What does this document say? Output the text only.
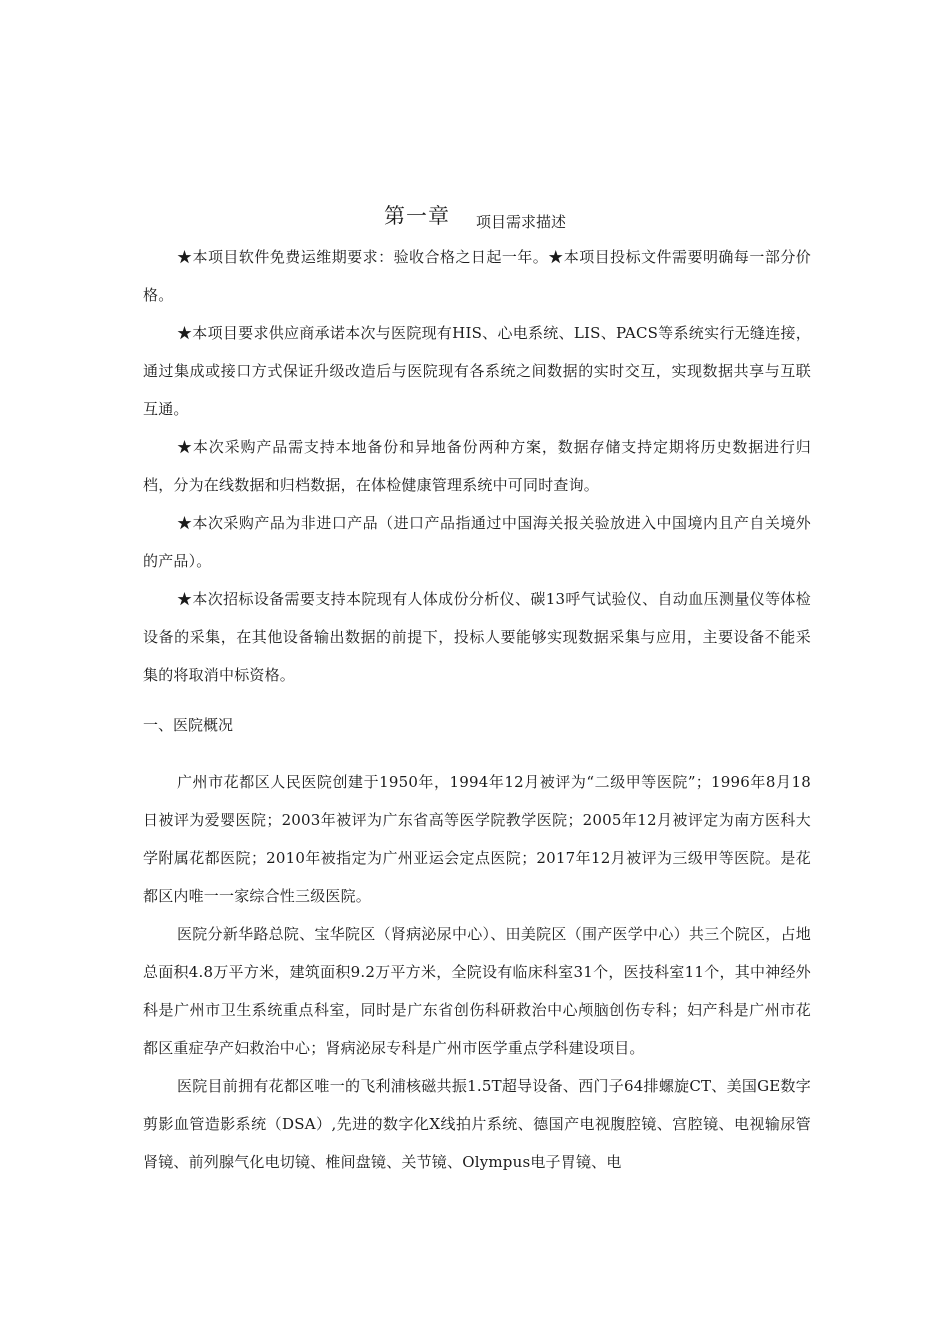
第一章 项目需求描述

★本项目软件免费运维期要求：验收合格之日起一年。★本项目投标文件需要明确每一部分价格。

★本项目要求供应商承诺本次与医院现有HIS、心电系统、LIS、PACS等系统实行无缝连接，通过集成或接口方式保证升级改造后与医院现有各系统之间数据的实时交互，实现数据共享与互联互通。

★本次采购产品需支持本地备份和异地备份两种方案，数据存储支持定期将历史数据进行归档，分为在线数据和归档数据，在体检健康管理系统中可同时查询。

★本次采购产品为非进口产品（进口产品指通过中国海关报关验放进入中国境内且产自关境外的产品）。

★本次招标设备需要支持本院现有人体成份分析仪、碳13呼气试验仪、自动血压测量仪等体检设备的采集，在其他设备输出数据的前提下，投标人要能够实现数据采集与应用，主要设备不能采集的将取消中标资格。

一、医院概况

广州市花都区人民医院创建于1950年，1994年12月被评为“二级甲等医院”；1996年8月18日被评为爱婴医院；2003年被评为广东省高等医学院教学医院；2005年12月被评定为南方医科大学附属花都医院；2010年被指定为广州亚运会定点医院；2017年12月被评为三级甲等医院。是花都区内唯一一家综合性三级医院。

医院分新华路总院、宝华院区（肾病泌尿中心）、田美院区（围产医学中心）共三个院区，占地总面积4.8万平方米，建筑面积9.2万平方米，全院设有临床科室31个，医技科室11个，其中神经外科是广州市卫生系统重点科室，同时是广东省创伤科研救治中心颅脑创伤专科；妇产科是广州市花都区重症孕产妇救治中心；肾病泌尿专科是广州市医学重点学科建设项目。

医院目前拥有花都区唯一的飞利浦核磁共振1.5T超导设备、西门子64排螺旋CT、美国GE数字剪影血管造影系统（DSA）,先进的数字化X线拍片系统、德国产电视腹腔镜、宫腔镜、电视输尿管肾镜、前列腺气化电切镜、椎间盘镜、关节镜、Olympus电子胃镜、电
